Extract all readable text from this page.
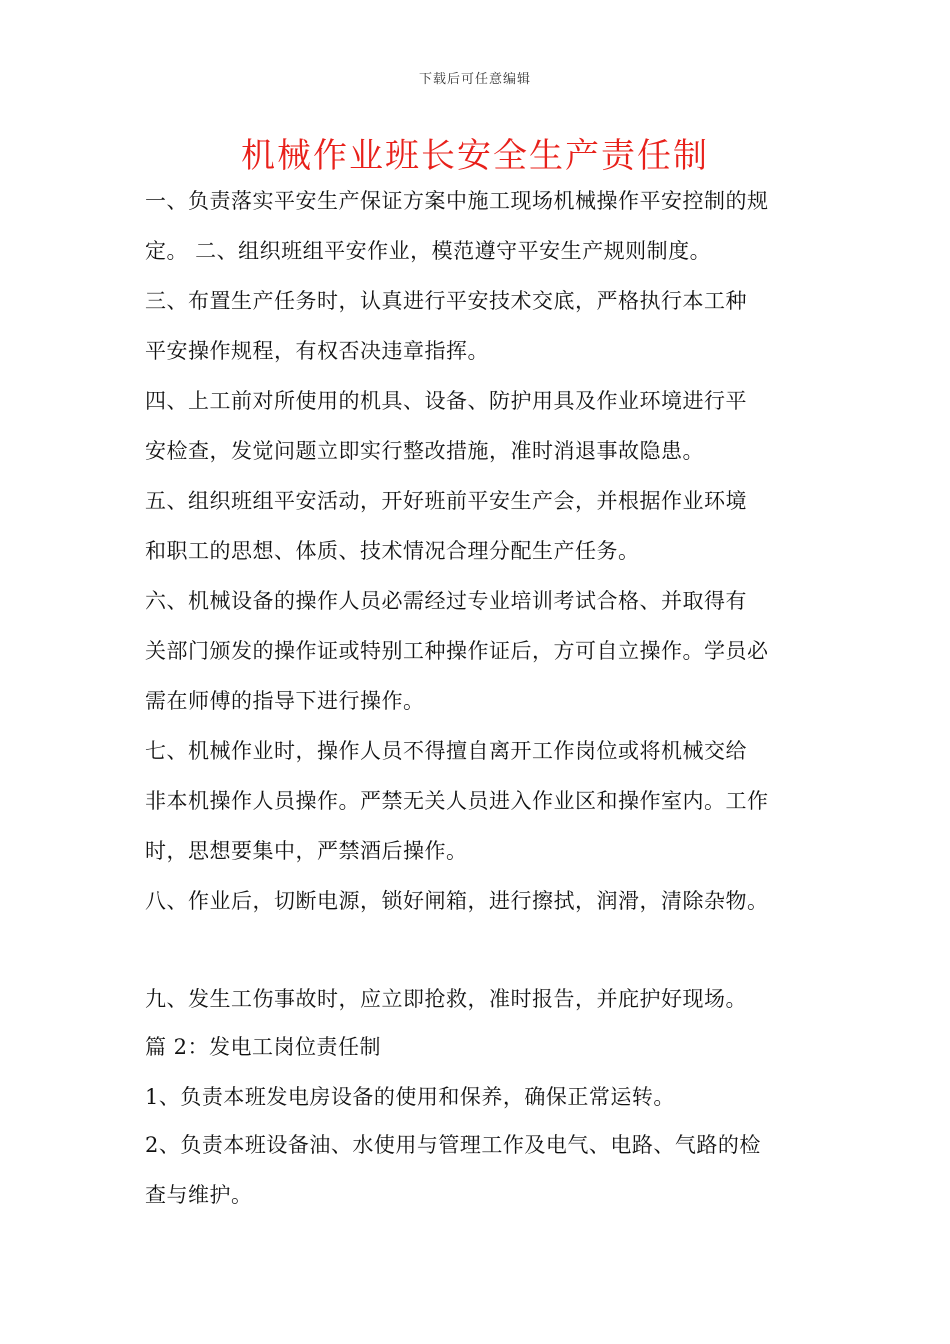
下载后可任意编辑
机械作业班长安全生产责任制
一、负责落实平安生产保证方案中施工现场机械操作平安控制的规
定。 二、组织班组平安作业，模范遵守平安生产规则制度。
三、布置生产任务时，认真进行平安技术交底，严格执行本工种
平安操作规程，有权否决违章指挥。
四、上工前对所使用的机具、设备、防护用具及作业环境进行平
安检查，发觉问题立即实行整改措施，准时消退事故隐患。
五、组织班组平安活动，开好班前平安生产会，并根据作业环境
和职工的思想、体质、技术情况合理分配生产任务。
六、机械设备的操作人员必需经过专业培训考试合格、并取得有
关部门颁发的操作证或特别工种操作证后，方可自立操作。学员必
需在师傅的指导下进行操作。
七、机械作业时，操作人员不得擅自离开工作岗位或将机械交给
非本机操作人员操作。严禁无关人员进入作业区和操作室内。工作
时，思想要集中，严禁酒后操作。
八、作业后，切断电源，锁好闸箱，进行擦拭，润滑，清除杂物。
九、发生工伤事故时，应立即抢救，准时报告，并庇护好现场。
篇 2：发电工岗位责任制
1、负责本班发电房设备的使用和保养，确保正常运转。
2、负责本班设备油、水使用与管理工作及电气、电路、气路的检
查与维护。
